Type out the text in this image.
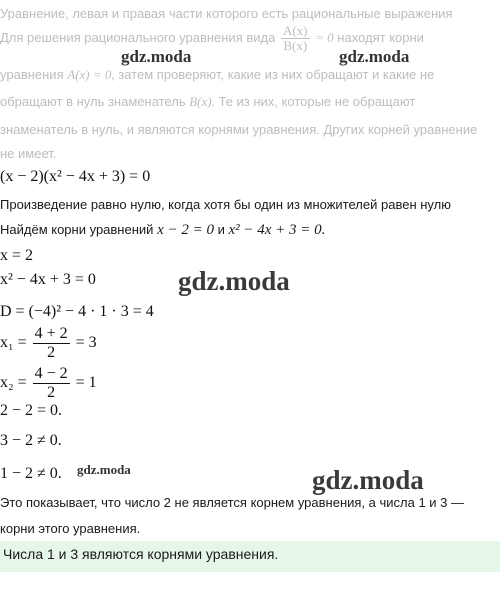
Уравнение, левая и правая части которого есть рациональные выражения
Для решения рационального уравнения вида $\frac{A(x)}{B(x)} = 0$ находят корни
уравнения A(x) = 0, затем проверяют, какие из них обращают и какие не
обращают в нуль знаменатель B(x). Те из них, которые не обращают
знаменатель в нуль, и являются корнями уравнения. Других корней уравнение
не имеет.
(x − 2)(x² − 4x + 3) = 0
Произведение равно нулю, когда хотя бы один из множителей равен нулю
Найдём корни уравнений x − 2 = 0 и x² − 4x + 3 = 0.
x = 2
x² − 4x + 3 = 0
D = (−4)² − 4 · 1 · 3 = 4
$x_1 = \frac{4 + 2}{2} = 3$
$x_2 = \frac{4 - 2}{2} = 1$
2 − 2 = 0.
3 − 2 ≠ 0.
1 − 2 ≠ 0.
Это показывает, что число 2 не является корнем уравнения, а числа 1 и 3 —
корни этого уравнения.
Числа 1 и 3 являются корнями уравнения.
gdz.moda	gdz.moda
gdz.moda
gdz.moda	gdz.moda
